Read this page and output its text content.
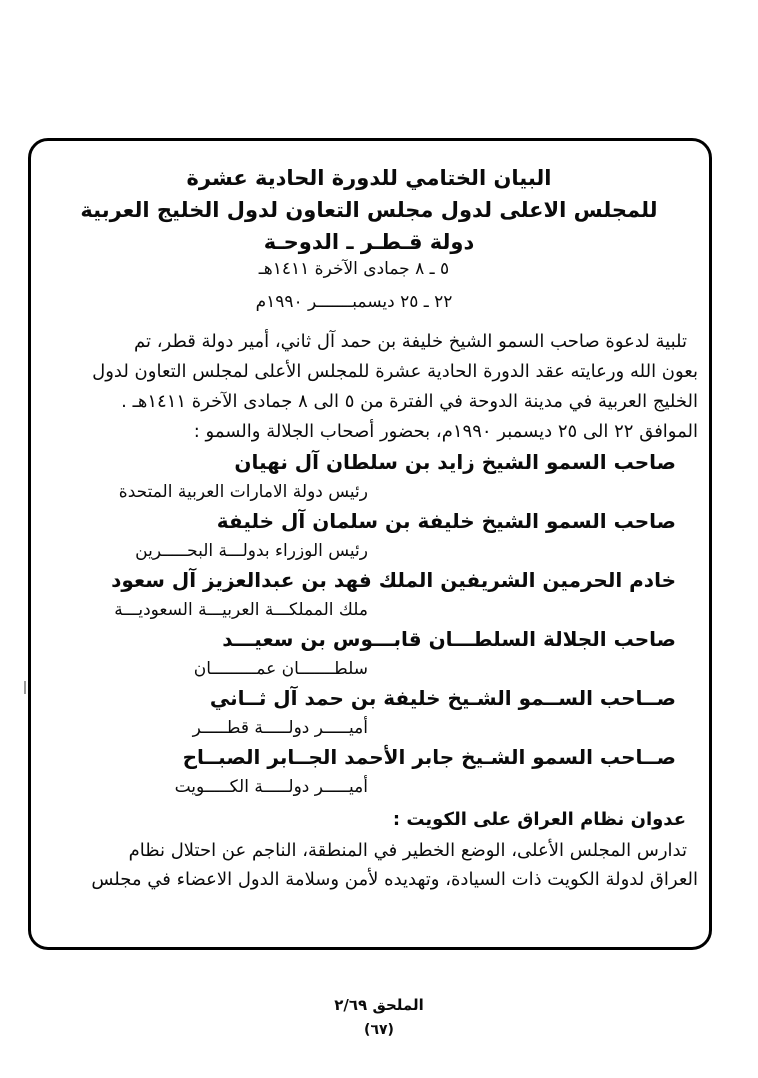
البيان الختامي للدورة الحادية عشرة
للمجلس الاعلى لدول مجلس التعاون لدول الخليج العربية
دولة قـطـر ـ الدوحـة
٥ ـ ٨ جمادى الآخرة ١٤١١هـ
٢٢ ـ ٢٥ ديسمبـــــــر ١٩٩٠م
تلبية لدعوة صاحب السمو الشيخ خليفة بن حمد آل ثاني، أمير دولة قطر، تم
بعون الله ورعايته عقد الدورة الحادية عشرة للمجلس الأعلى لمجلس التعاون لدول
الخليج العربية في مدينة الدوحة في الفترة من ٥ الى ٨ جمادى الآخرة ١٤١١هـ .
الموافق ٢٢ الى ٢٥ ديسمبر ١٩٩٠م، بحضور أصحاب الجلالة والسمو :
صاحب السمو الشيخ زايد بن سلطان آل نهيان
رئيس دولة الامارات العربية المتحدة
صاحب السمو الشيخ خليفة بن سلمان آل خليفة
رئيس الوزراء بدولـــة البحـــــرين
خادم الحرمين الشريفين الملك فهد بن عبدالعزيز آل سعود
ملك المملكـــة العربيـــة السعوديـــة
صاحب الجلالة السلطـــان قابـــوس بن سعيـــد
سلطـــــــان عمـــــــــان
صــاحب الســمو الشـيخ خليفة بن حمد آل ثــاني
أميـــــر دولـــــة قطـــــر
صــاحب السمو الشـيخ جابر الأحمد الجــابر الصبــاح
أميـــــر دولـــــة الكـــــويت
عدوان نظام العراق على الكويت :
تدارس المجلس الأعلى، الوضع الخطير في المنطقة، الناجم عن احتلال نظام
العراق لدولة الكويت ذات السيادة، وتهديده لأمن وسلامة الدول الاعضاء في مجلس
الملحق ٢/٦٩
(٦٧)
